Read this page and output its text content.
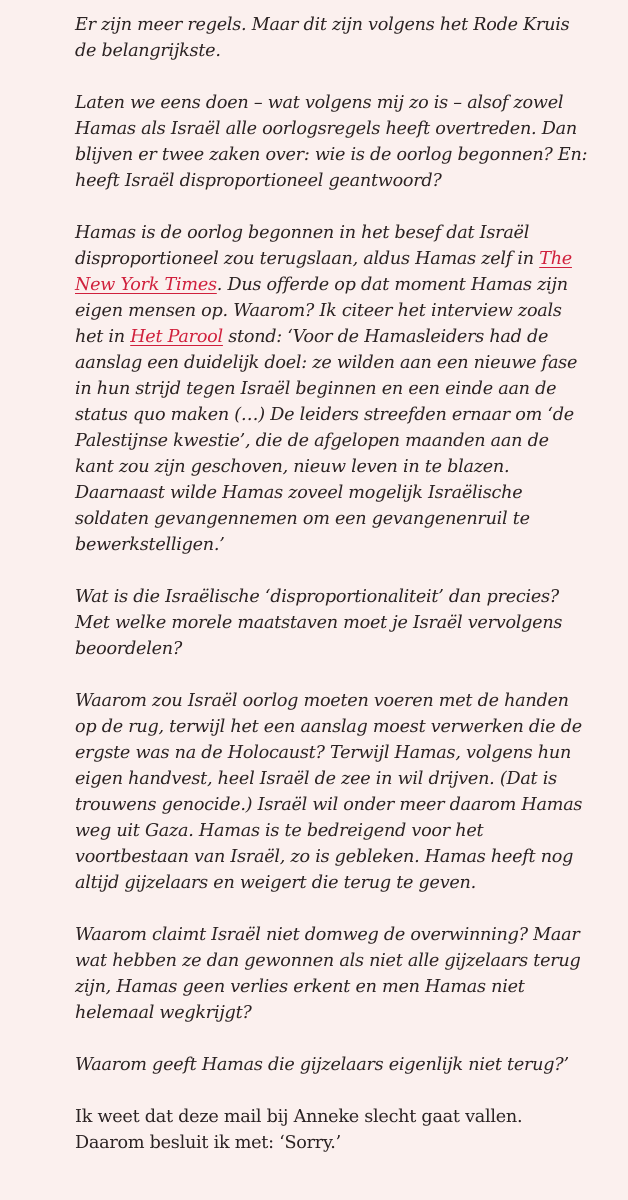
Er zijn meer regels. Maar dit zijn volgens het Rode Kruis de belangrijkste.

Laten we eens doen – wat volgens mij zo is – alsof zowel Hamas als Israël alle oorlogsregels heeft overtreden. Dan blijven er twee zaken over: wie is de oorlog begonnen? En: heeft Israël disproportioneel geantwoord?

Hamas is de oorlog begonnen in het besef dat Israël disproportioneel zou terugslaan, aldus Hamas zelf in The New York Times. Dus offerde op dat moment Hamas zijn eigen mensen op. Waarom? Ik citeer het interview zoals het in Het Parool stond: ‘Voor de Hamasleiders had de aanslag een duidelijk doel: ze wilden aan een nieuwe fase in hun strijd tegen Israël beginnen en een einde aan de status quo maken (…) De leiders streefden ernaar om ‘de Palestijnse kwestie’, die de afgelopen maanden aan de kant zou zijn geschoven, nieuw leven in te blazen. Daarnaast wilde Hamas zoveel mogelijk Israëlische soldaten gevangennemen om een gevangenenruil te bewerkstelligen.’

Wat is die Israëlische ‘disproportionaliteit’ dan precies? Met welke morele maatstaven moet je Israël vervolgens beoordelen?

Waarom zou Israël oorlog moeten voeren met de handen op de rug, terwijl het een aanslag moest verwerken die de ergste was na de Holocaust? Terwijl Hamas, volgens hun eigen handvest, heel Israël de zee in wil drijven. (Dat is trouwens genocide.) Israël wil onder meer daarom Hamas weg uit Gaza. Hamas is te bedreigend voor het voortbestaan van Israël, zo is gebleken. Hamas heeft nog altijd gijzelaars en weigert die terug te geven.

Waarom claimt Israël niet domweg de overwinning? Maar wat hebben ze dan gewonnen als niet alle gijzelaars terug zijn, Hamas geen verlies erkent en men Hamas niet helemaal wegkrijgt?

Waarom geeft Hamas die gijzelaars eigenlijk niet terug?’

Ik weet dat deze mail bij Anneke slecht gaat vallen. Daarom besluit ik met: ‘Sorry.’
